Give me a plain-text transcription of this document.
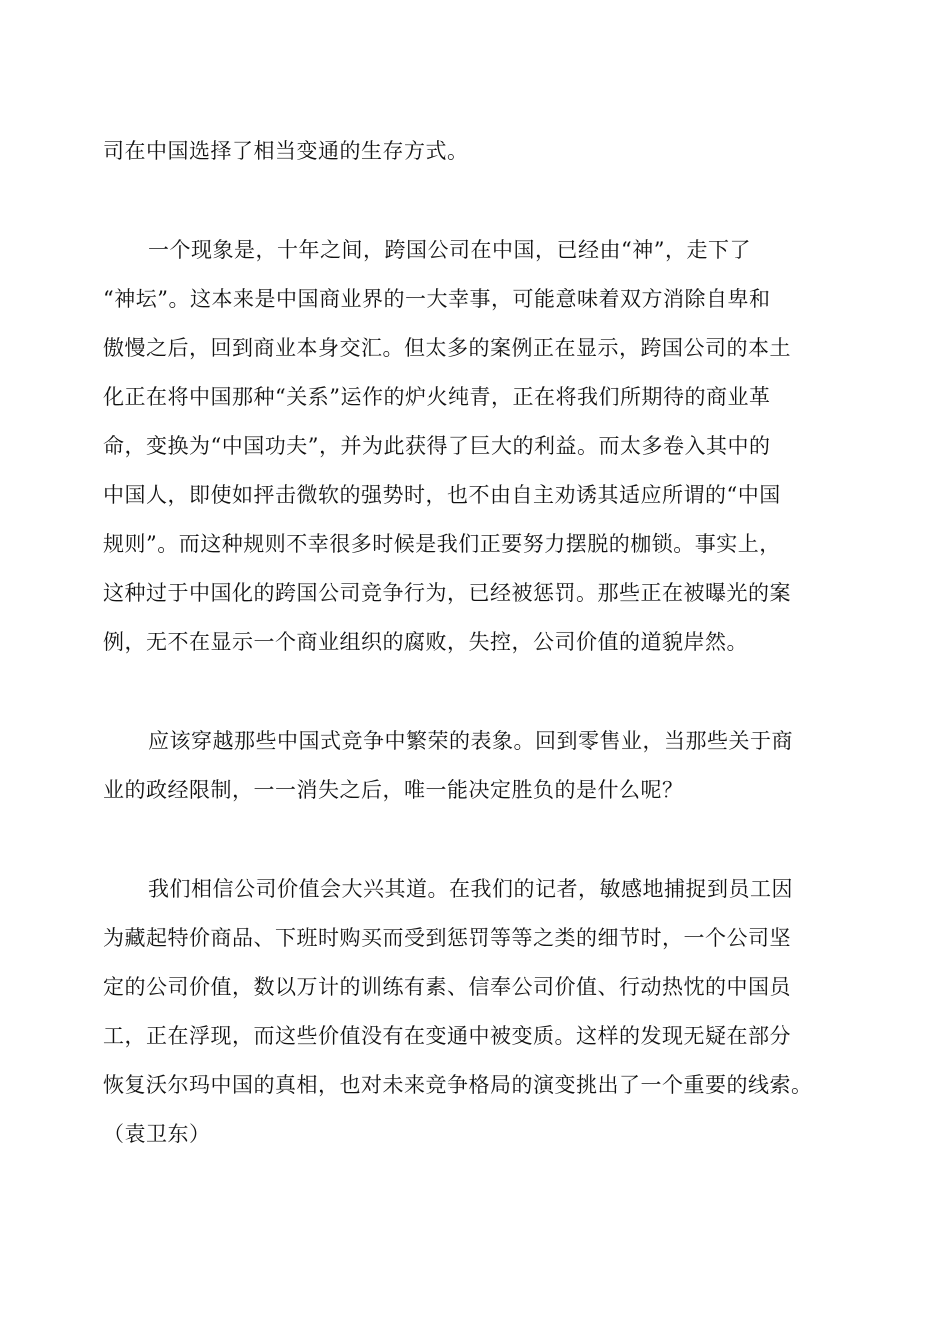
司在中国选择了相当变通的生存方式。
一个现象是，十年之间，跨国公司在中国，已经由“神”，走下了
“神坛”。这本来是中国商业界的一大幸事，可能意味着双方消除自卑和
傲慢之后，回到商业本身交汇。但太多的案例正在显示，跨国公司的本土
化正在将中国那种“关系”运作的炉火纯青，正在将我们所期待的商业革
命，变换为“中国功夫”，并为此获得了巨大的利益。而太多卷入其中的
中国人，即使如抨击微软的强势时，也不由自主劝诱其适应所谓的“中国
规则”。而这种规则不幸很多时候是我们正要努力摆脱的枷锁。事实上，
这种过于中国化的跨国公司竞争行为，已经被惩罚。那些正在被曝光的案
例，无不在显示一个商业组织的腐败，失控，公司价值的道貌岸然。
应该穿越那些中国式竞争中繁荣的表象。回到零售业，当那些关于商
业的政经限制，一一消失之后，唯一能决定胜负的是什么呢？
我们相信公司价值会大兴其道。在我们的记者，敏感地捕捉到员工因
为藏起特价商品、下班时购买而受到惩罚等等之类的细节时，一个公司坚
定的公司价值，数以万计的训练有素、信奉公司价值、行动热忱的中国员
工，正在浮现，而这些价值没有在变通中被变质。这样的发现无疑在部分
恢复沃尔玛中国的真相，也对未来竞争格局的演变挑出了一个重要的线索。
（袁卫东）
